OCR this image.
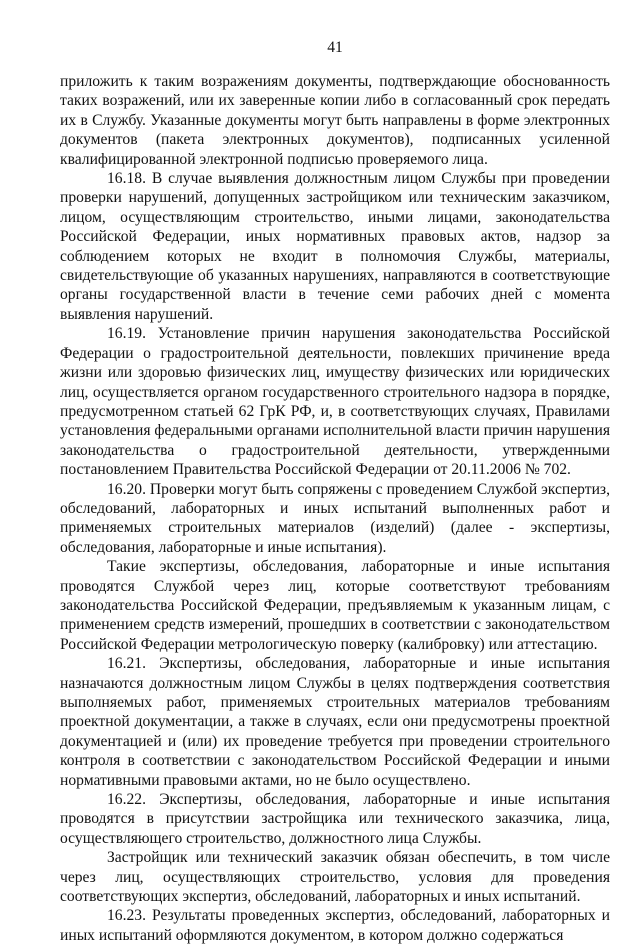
41

приложить к таким возражениям документы, подтверждающие обоснованность таких возражений, или их заверенные копии либо в согласованный срок передать их в Службу. Указанные документы могут быть направлены в форме электронных документов (пакета электронных документов), подписанных усиленной квалифицированной электронной подписью проверяемого лица.

16.18. В случае выявления должностным лицом Службы при проведении проверки нарушений, допущенных застройщиком или техническим заказчиком, лицом, осуществляющим строительство, иными лицами, законодательства Российской Федерации, иных нормативных правовых актов, надзор за соблюдением которых не входит в полномочия Службы, материалы, свидетельствующие об указанных нарушениях, направляются в соответствующие органы государственной власти в течение семи рабочих дней с момента выявления нарушений.

16.19. Установление причин нарушения законодательства Российской Федерации о градостроительной деятельности, повлекших причинение вреда жизни или здоровью физических лиц, имуществу физических или юридических лиц, осуществляется органом государственного строительного надзора в порядке, предусмотренном статьей 62 ГрК РФ, и, в соответствующих случаях, Правилами установления федеральными органами исполнительной власти причин нарушения законодательства о градостроительной деятельности, утвержденными постановлением Правительства Российской Федерации от 20.11.2006 № 702.

16.20. Проверки могут быть сопряжены с проведением Службой экспертиз, обследований, лабораторных и иных испытаний выполненных работ и применяемых строительных материалов (изделий) (далее - экспертизы, обследования, лабораторные и иные испытания).

Такие экспертизы, обследования, лабораторные и иные испытания проводятся Службой через лиц, которые соответствуют требованиям законодательства Российской Федерации, предъявляемым к указанным лицам, с применением средств измерений, прошедших в соответствии с законодательством Российской Федерации метрологическую поверку (калибровку) или аттестацию.

16.21. Экспертизы, обследования, лабораторные и иные испытания назначаются должностным лицом Службы в целях подтверждения соответствия выполняемых работ, применяемых строительных материалов требованиям проектной документации, а также в случаях, если они предусмотрены проектной документацией и (или) их проведение требуется при проведении строительного контроля в соответствии с законодательством Российской Федерации и иными нормативными правовыми актами, но не было осуществлено.

16.22. Экспертизы, обследования, лабораторные и иные испытания проводятся в присутствии застройщика или технического заказчика, лица, осуществляющего строительство, должностного лица Службы.

Застройщик или технический заказчик обязан обеспечить, в том числе через лиц, осуществляющих строительство, условия для проведения соответствующих экспертиз, обследований, лабораторных и иных испытаний.

16.23. Результаты проведенных экспертиз, обследований, лабораторных и иных испытаний оформляются документом, в котором должно содержаться
